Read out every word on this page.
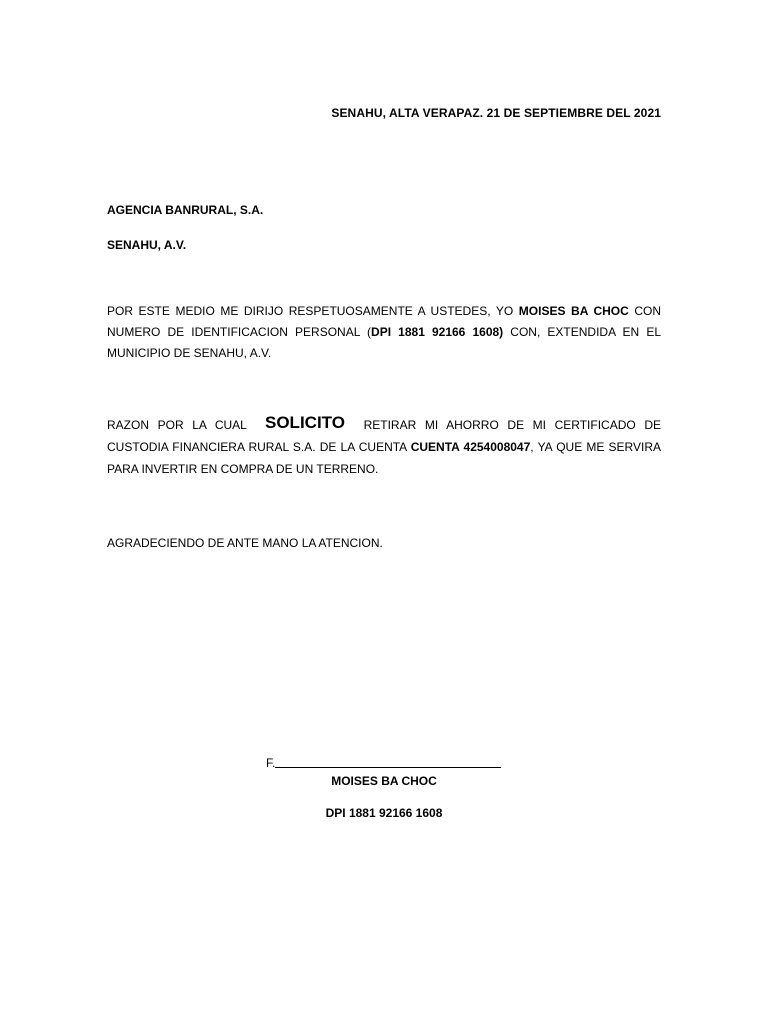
SENAHU, ALTA VERAPAZ. 21 DE SEPTIEMBRE DEL 2021
AGENCIA BANRURAL, S.A.
SENAHU, A.V.
POR ESTE MEDIO ME DIRIJO RESPETUOSAMENTE A USTEDES, YO MOISES BA CHOC CON NUMERO DE IDENTIFICACION PERSONAL (DPI 1881 92166 1608) CON, EXTENDIDA EN EL MUNICIPIO DE SENAHU, A.V.
RAZON POR LA CUAL SOLICITO RETIRAR MI AHORRO DE MI CERTIFICADO DE CUSTODIA FINANCIERA RURAL S.A. DE LA CUENTA CUENTA 4254008047, YA QUE ME SERVIRA PARA INVERTIR EN COMPRA DE UN TERRENO.
AGRADECIENDO DE ANTE MANO LA ATENCION.
F.
MOISES BA CHOC
DPI 1881 92166 1608
